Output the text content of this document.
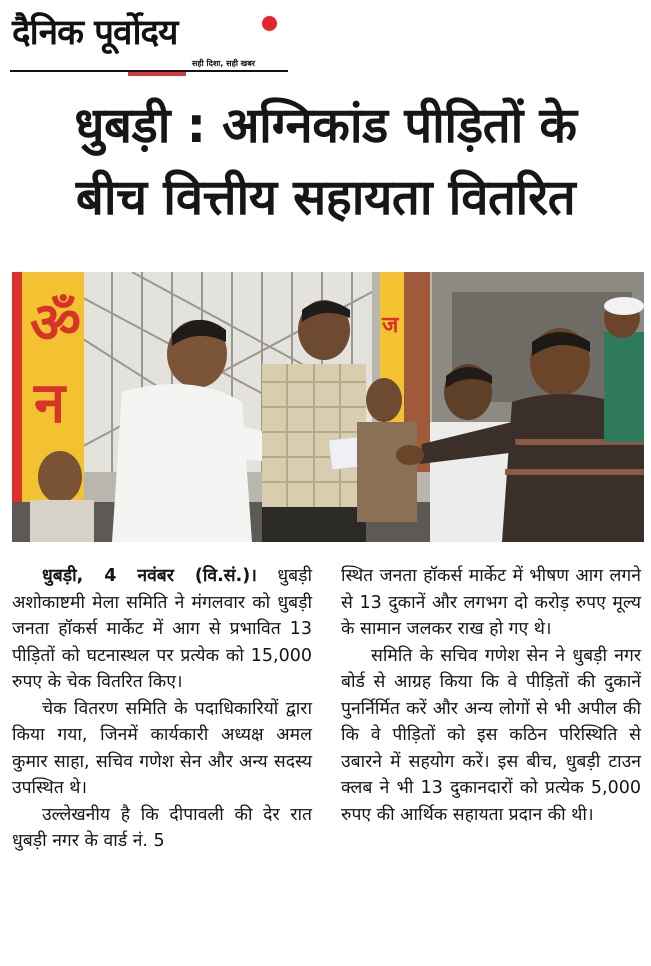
दैनिक पूर्वोदय
सही दिशा, सही खबर
धुबड़ी : अग्निकांड पीड़ितों के
बीच वित्तीय सहायता वितरित
ॐ
न
ज

धुबड़ी, 4 नवंबर (वि.सं.)। धुबड़ी अशोकाष्टमी मेला समिति ने मंगलवार को धुबड़ी जनता हॉकर्स मार्केट में आग से प्रभावित 13 पीड़ितों को घटनास्थल पर प्रत्येक को 15,000 रुपए के चेक वितरित किए।

चेक वितरण समिति के पदाधिकारियों द्वारा किया गया, जिनमें कार्यकारी अध्यक्ष अमल कुमार साहा, सचिव गणेश सेन और अन्य सदस्य उपस्थित थे।

उल्लेखनीय है कि दीपावली की देर रात धुबड़ी नगर के वार्ड नं. 5

स्थित जनता हॉकर्स मार्केट में भीषण आग लगने से 13 दुकानें और लगभग दो करोड़ रुपए मूल्य के सामान जलकर राख हो गए थे।

समिति के सचिव गणेश सेन ने धुबड़ी नगर बोर्ड से आग्रह किया कि वे पीड़ितों की दुकानें पुनर्निर्मित करें और अन्य लोगों से भी अपील की कि वे पीड़ितों को इस कठिन परिस्थिति से उबारने में सहयोग करें। इस बीच, धुबड़ी टाउन क्लब ने भी 13 दुकानदारों को प्रत्येक 5,000 रुपए की आर्थिक सहायता प्रदान की थी।
